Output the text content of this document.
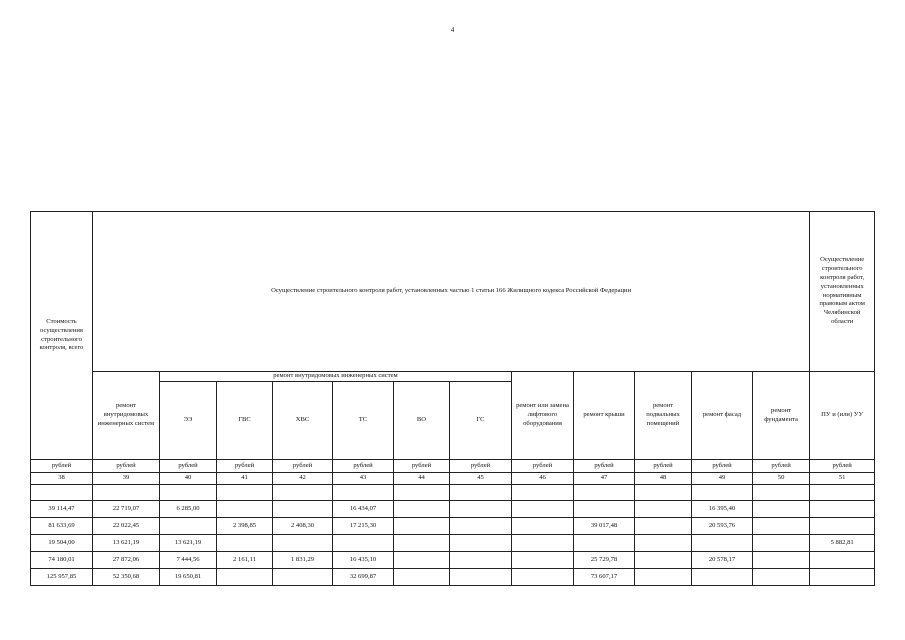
4
Стоимость осуществления строительного контроля, всего	Осуществление строительного контроля работ, установленных частью 1 статьи 166 Жилищного кодекса Российской Федерации												Осуществление строительного контроля работ, установленных нормативным правовым актом Челябинской области
	ремонт внутридомовых инженерных систем	ремонт внутридомовых инженерных систем						ремонт или замена лифтового оборудования	ремонт крыши	ремонт подвальных помещений	ремонт фасад	ремонт фундамента	ПУ и (или) УУ
		ЭЭ	ГВС	ХВС	ТС	ВО	ГС						
рублей	рублей	рублей	рублей	рублей	рублей	рублей	рублей	рублей	рублей	рублей	рублей	рублей	рублей
38	39	40	41	42	43	44	45	46	47	48	49	50	51

39 114,47	22 719,07	6 285,00			16 434,07						16 395,40		
81 633,69	22 022,45		2 398,85	2 408,30	17 215,30				39 017,48		20 593,76		
19 504,00	13 621,19	13 621,19											5 882,81
74 180,01	27 872,06	7 444,56	2 161,11	1 831,29	16 435,10				25 729,78		20 578,17		
125 957,85	52 350,68	19 650,81			32 699,87				73 607,17				
